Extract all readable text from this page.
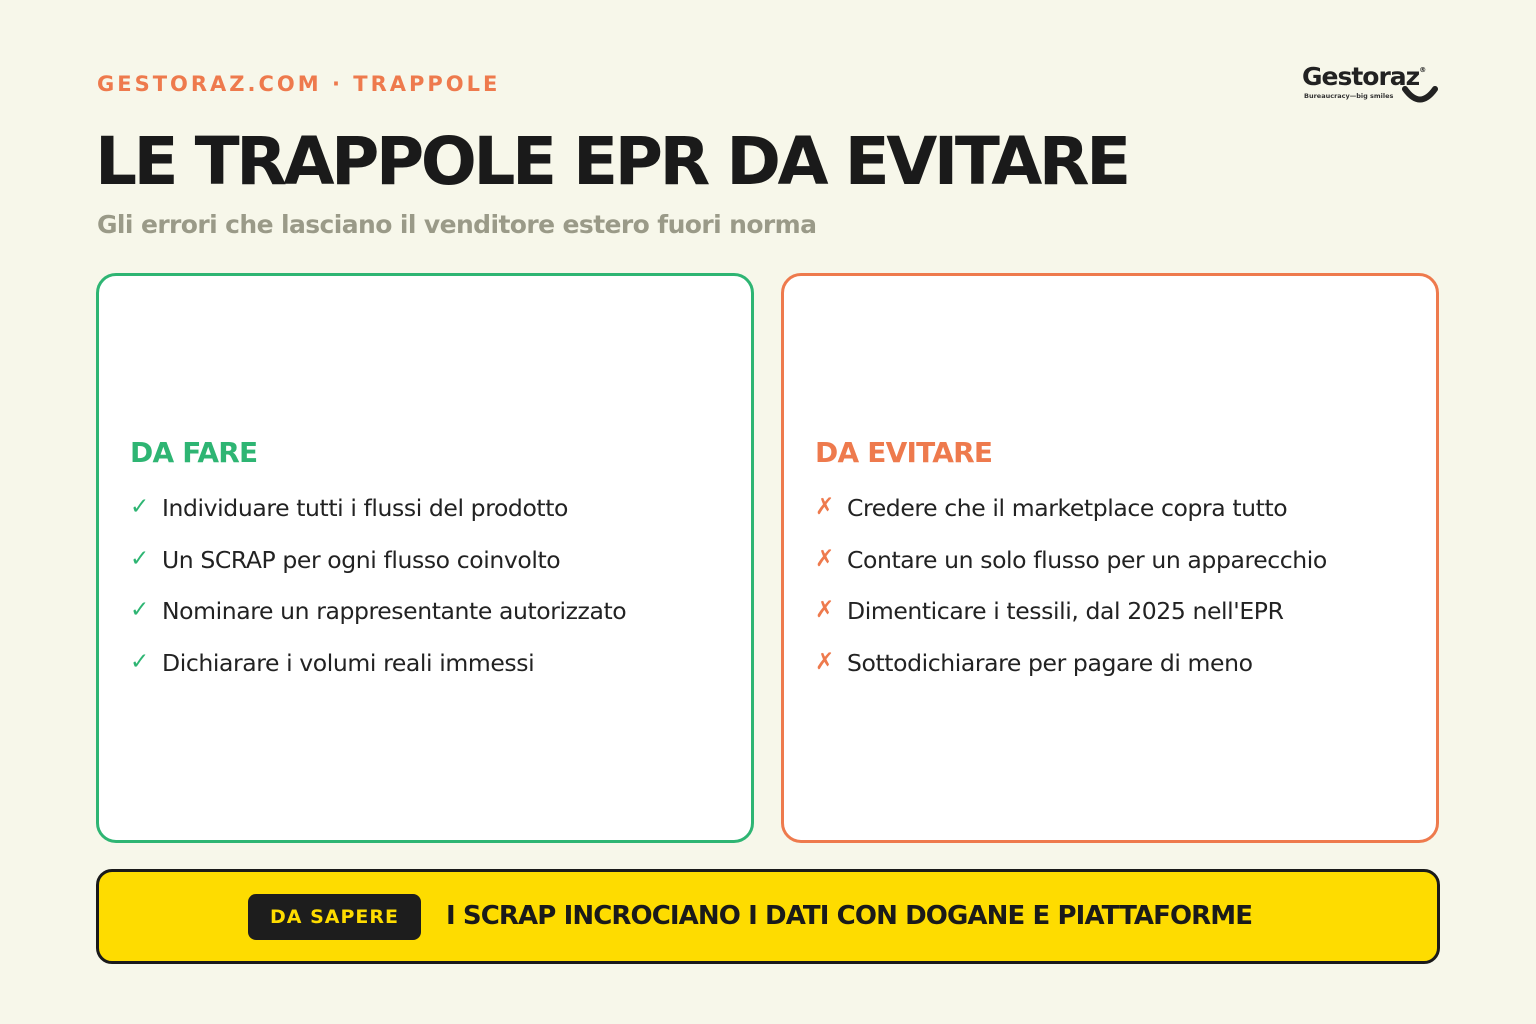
GESTORAZ.COM · TRAPPOLE	Gestoraz®
Bureaucracy—big smiles
LE TRAPPOLE EPR DA EVITARE
Gli errori che lasciano il venditore estero fuori norma
DA FARE
✓ Individuare tutti i flussi del prodotto
✓ Un SCRAP per ogni flusso coinvolto
✓ Nominare un rappresentante autorizzato
✓ Dichiarare i volumi reali immessi
DA EVITARE
✗ Credere che il marketplace copra tutto
✗ Contare un solo flusso per un apparecchio
✗ Dimenticare i tessili, dal 2025 nell'EPR
✗ Sottodichiarare per pagare di meno
DA SAPERE	I SCRAP INCROCIANO I DATI CON DOGANE E PIATTAFORME
